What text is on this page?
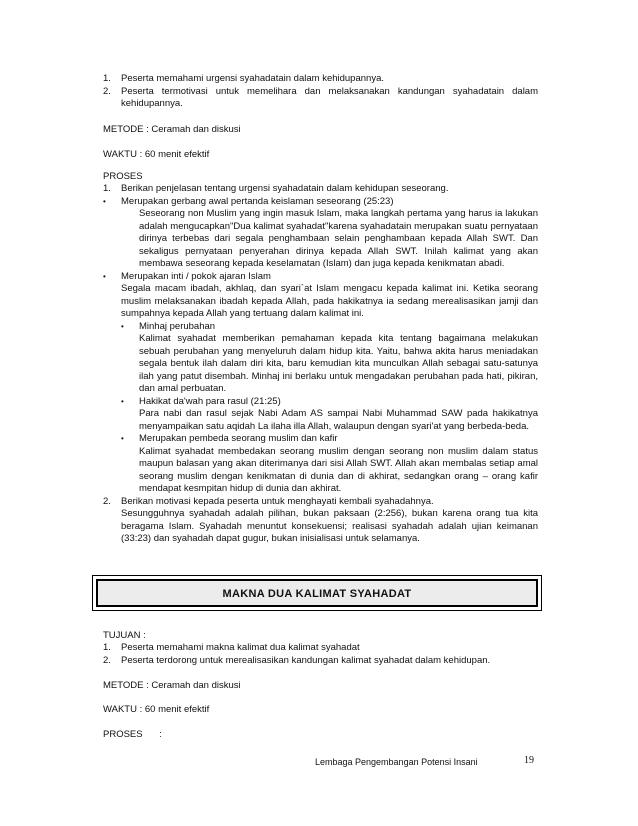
1. Peserta memahami urgensi syahadatain dalam kehidupannya.
2. Peserta termotivasi untuk memelihara dan melaksanakan kandungan syahadatain dalam kehidupannya.
METODE : Ceramah dan diskusi
WAKTU : 60 menit efektif
PROSES
1. Berikan penjelasan tentang urgensi syahadatain dalam kehidupan seseorang.
• Merupakan gerbang awal pertanda keislaman seseorang (25:23)
Seseorang non Muslim yang ingin masuk Islam, maka langkah pertama yang harus ia lakukan adalah mengucapkan"Dua kalimat syahadat"karena syahadatain merupakan suatu pernyataan dirinya terbebas dari segala penghambaan selain penghambaan kepada Allah SWT. Dan sekaligus pernyataan penyerahan dirinya kepada Allah SWT. Inilah kalimat yang akan membawa seseorang kepada keselamatan (Islam) dan juga kepada kenikmatan abadi.
• Merupakan inti / pokok ajaran Islam
Segala macam ibadah, akhlaq, dan syari`at Islam mengacu kepada kalimat ini. Ketika seorang muslim melaksanakan ibadah kepada Allah, pada hakikatnya ia sedang merealisasikan jamji dan sumpahnya kepada Allah yang tertuang dalam kalimat ini.
• Minhaj perubahan
Kalimat syahadat memberikan pemahaman kepada kita tentang bagaimana melakukan sebuah perubahan yang menyeluruh dalam hidup kita. Yaitu, bahwa akita harus meniadakan segala bentuk ilah dalam diri kita, baru kemudian kita munculkan Allah sebagai satu-satunya ilah yang patut disembah. Minhaj ini berlaku untuk mengadakan perubahan pada hati, pikiran, dan amal perbuatan.
• Hakikat da'wah para rasul (21:25)
Para nabi dan rasul sejak Nabi Adam AS sampai Nabi Muhammad SAW pada hakikatnya menyampaikan satu aqidah La ilaha illa Allah, walaupun dengan syari'at yang berbeda-beda.
• Merupakan pembeda seorang muslim dan kafir
Kalimat syahadat membedakan seorang muslim dengan seorang non muslim dalam status maupun balasan yang akan diterimanya dari sisi Allah SWT. Allah akan membalas setiap amal seorang muslim dengan kenikmatan di dunia dan di akhirat, sedangkan orang – orang kafir mendapat kesmpitan hidup di dunia dan akhirat.
2. Berikan motivasi kepada peserta untuk menghayati kembali syahadahnya.
Sesungguhnya syahadah adalah pilihan, bukan paksaan (2:256), bukan karena orang tua kita beragama Islam. Syahadah menuntut konsekuensi; realisasi syahadah adalah ujian keimanan (33:23) dan syahadah dapat gugur, bukan inisialisasi untuk selamanya.
MAKNA DUA KALIMAT SYAHADAT
TUJUAN :
1. Peserta memahami makna kalimat dua kalimat syahadat
2. Peserta terdorong untuk merealisasikan kandungan kalimat syahadat dalam kehidupan.
METODE : Ceramah dan diskusi
WAKTU : 60 menit efektif
PROSES :
Lembaga Pengembangan Potensi Insani	19
